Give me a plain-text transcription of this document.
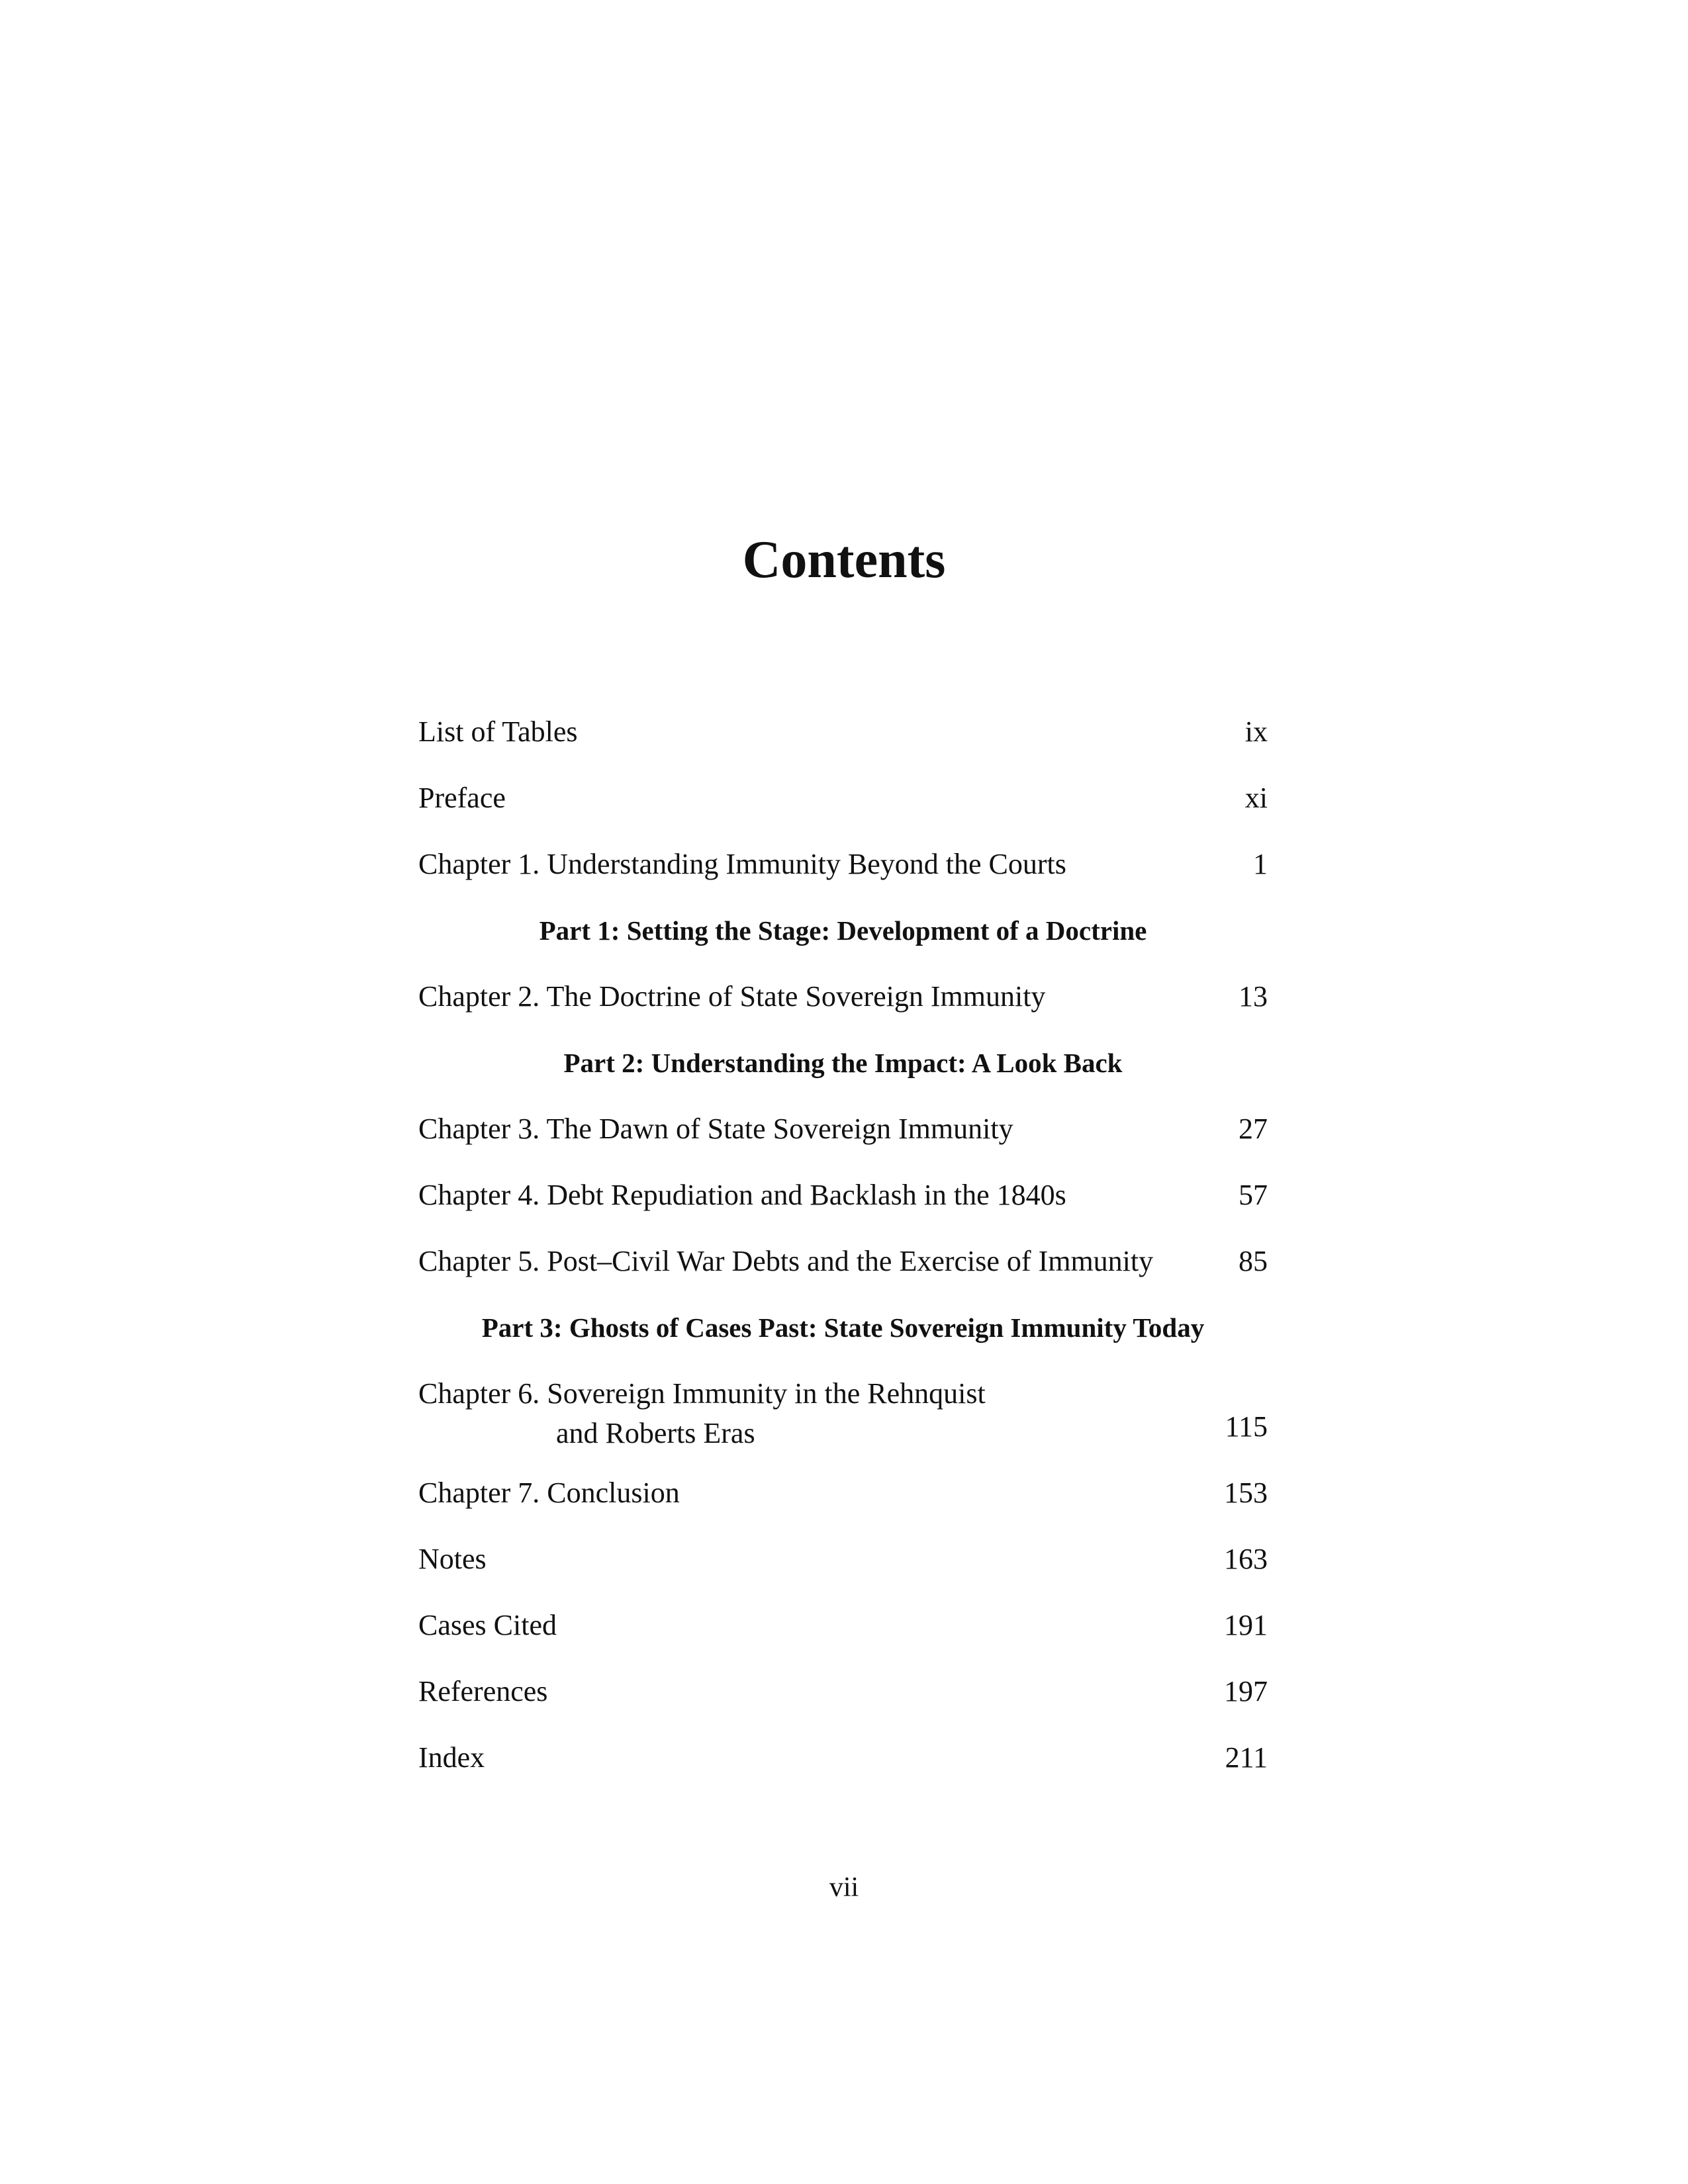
Contents
List of Tables	ix
Preface	xi
Chapter 1. Understanding Immunity Beyond the Courts	1
Part 1: Setting the Stage: Development of a Doctrine
Chapter 2. The Doctrine of State Sovereign Immunity	13
Part 2: Understanding the Impact: A Look Back
Chapter 3. The Dawn of State Sovereign Immunity	27
Chapter 4. Debt Repudiation and Backlash in the 1840s	57
Chapter 5. Post–Civil War Debts and the Exercise of Immunity	85
Part 3: Ghosts of Cases Past: State Sovereign Immunity Today
Chapter 6. Sovereign Immunity in the Rehnquist
and Roberts Eras	115
Chapter 7. Conclusion	153
Notes	163
Cases Cited	191
References	197
Index	211
vii
